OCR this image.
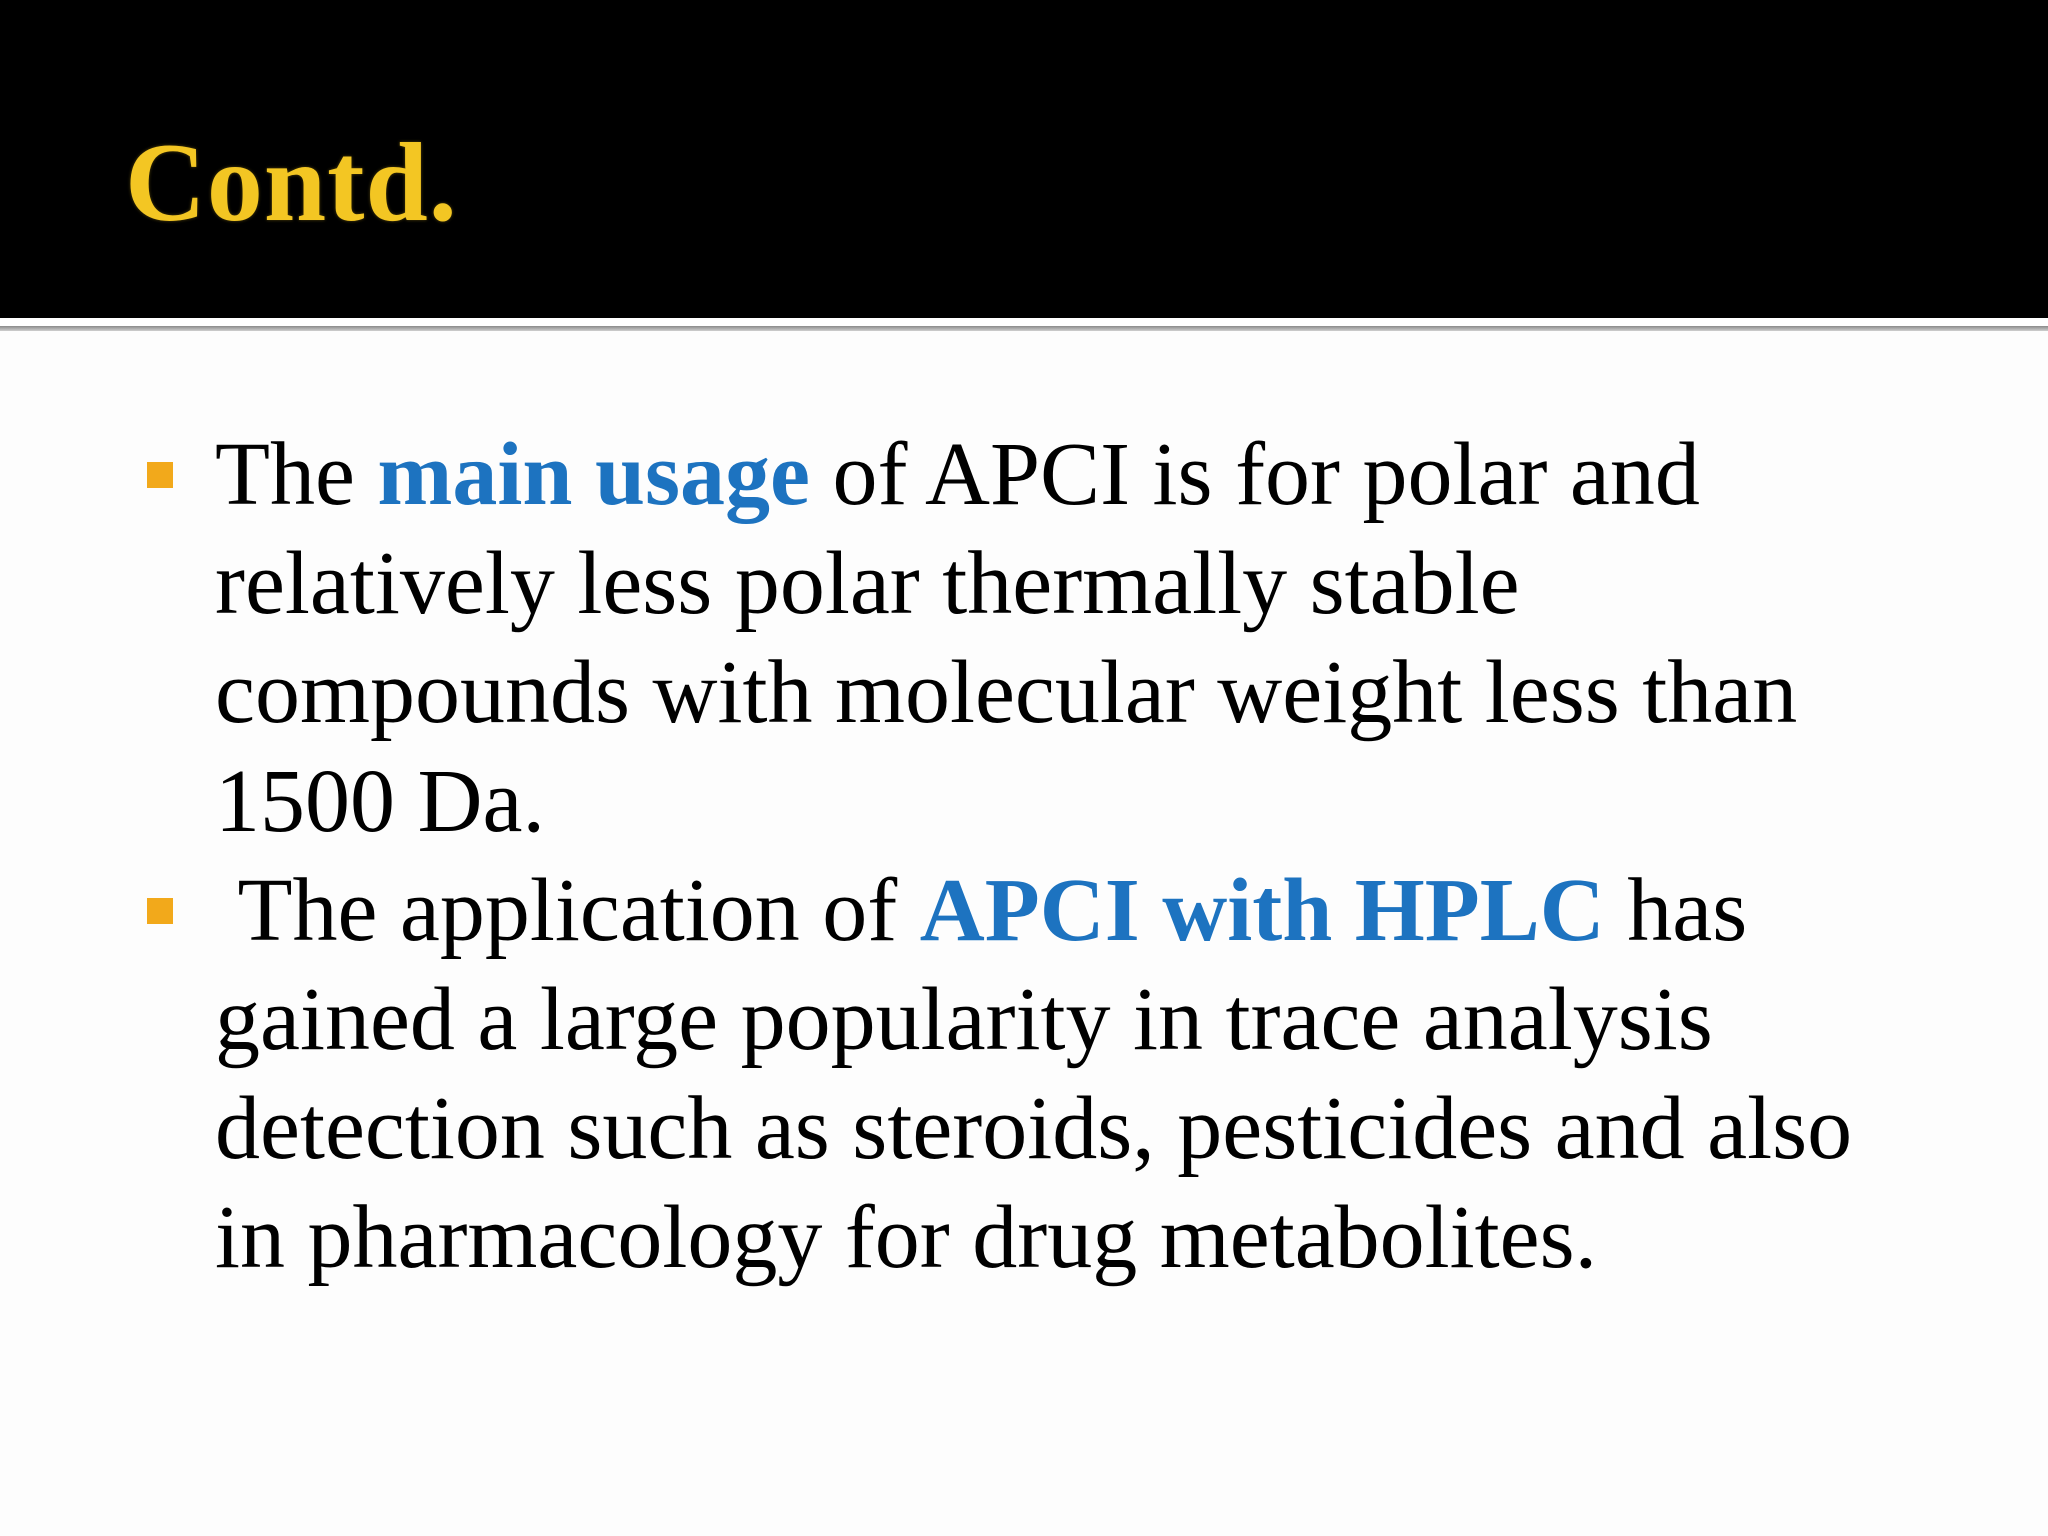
Contd.
The main usage of APCI is for polar and relatively less polar thermally stable compounds with molecular weight less than 1500 Da.
The application of APCI with HPLC has gained a large popularity in trace analysis detection such as steroids, pesticides and also in pharmacology for drug metabolites.
